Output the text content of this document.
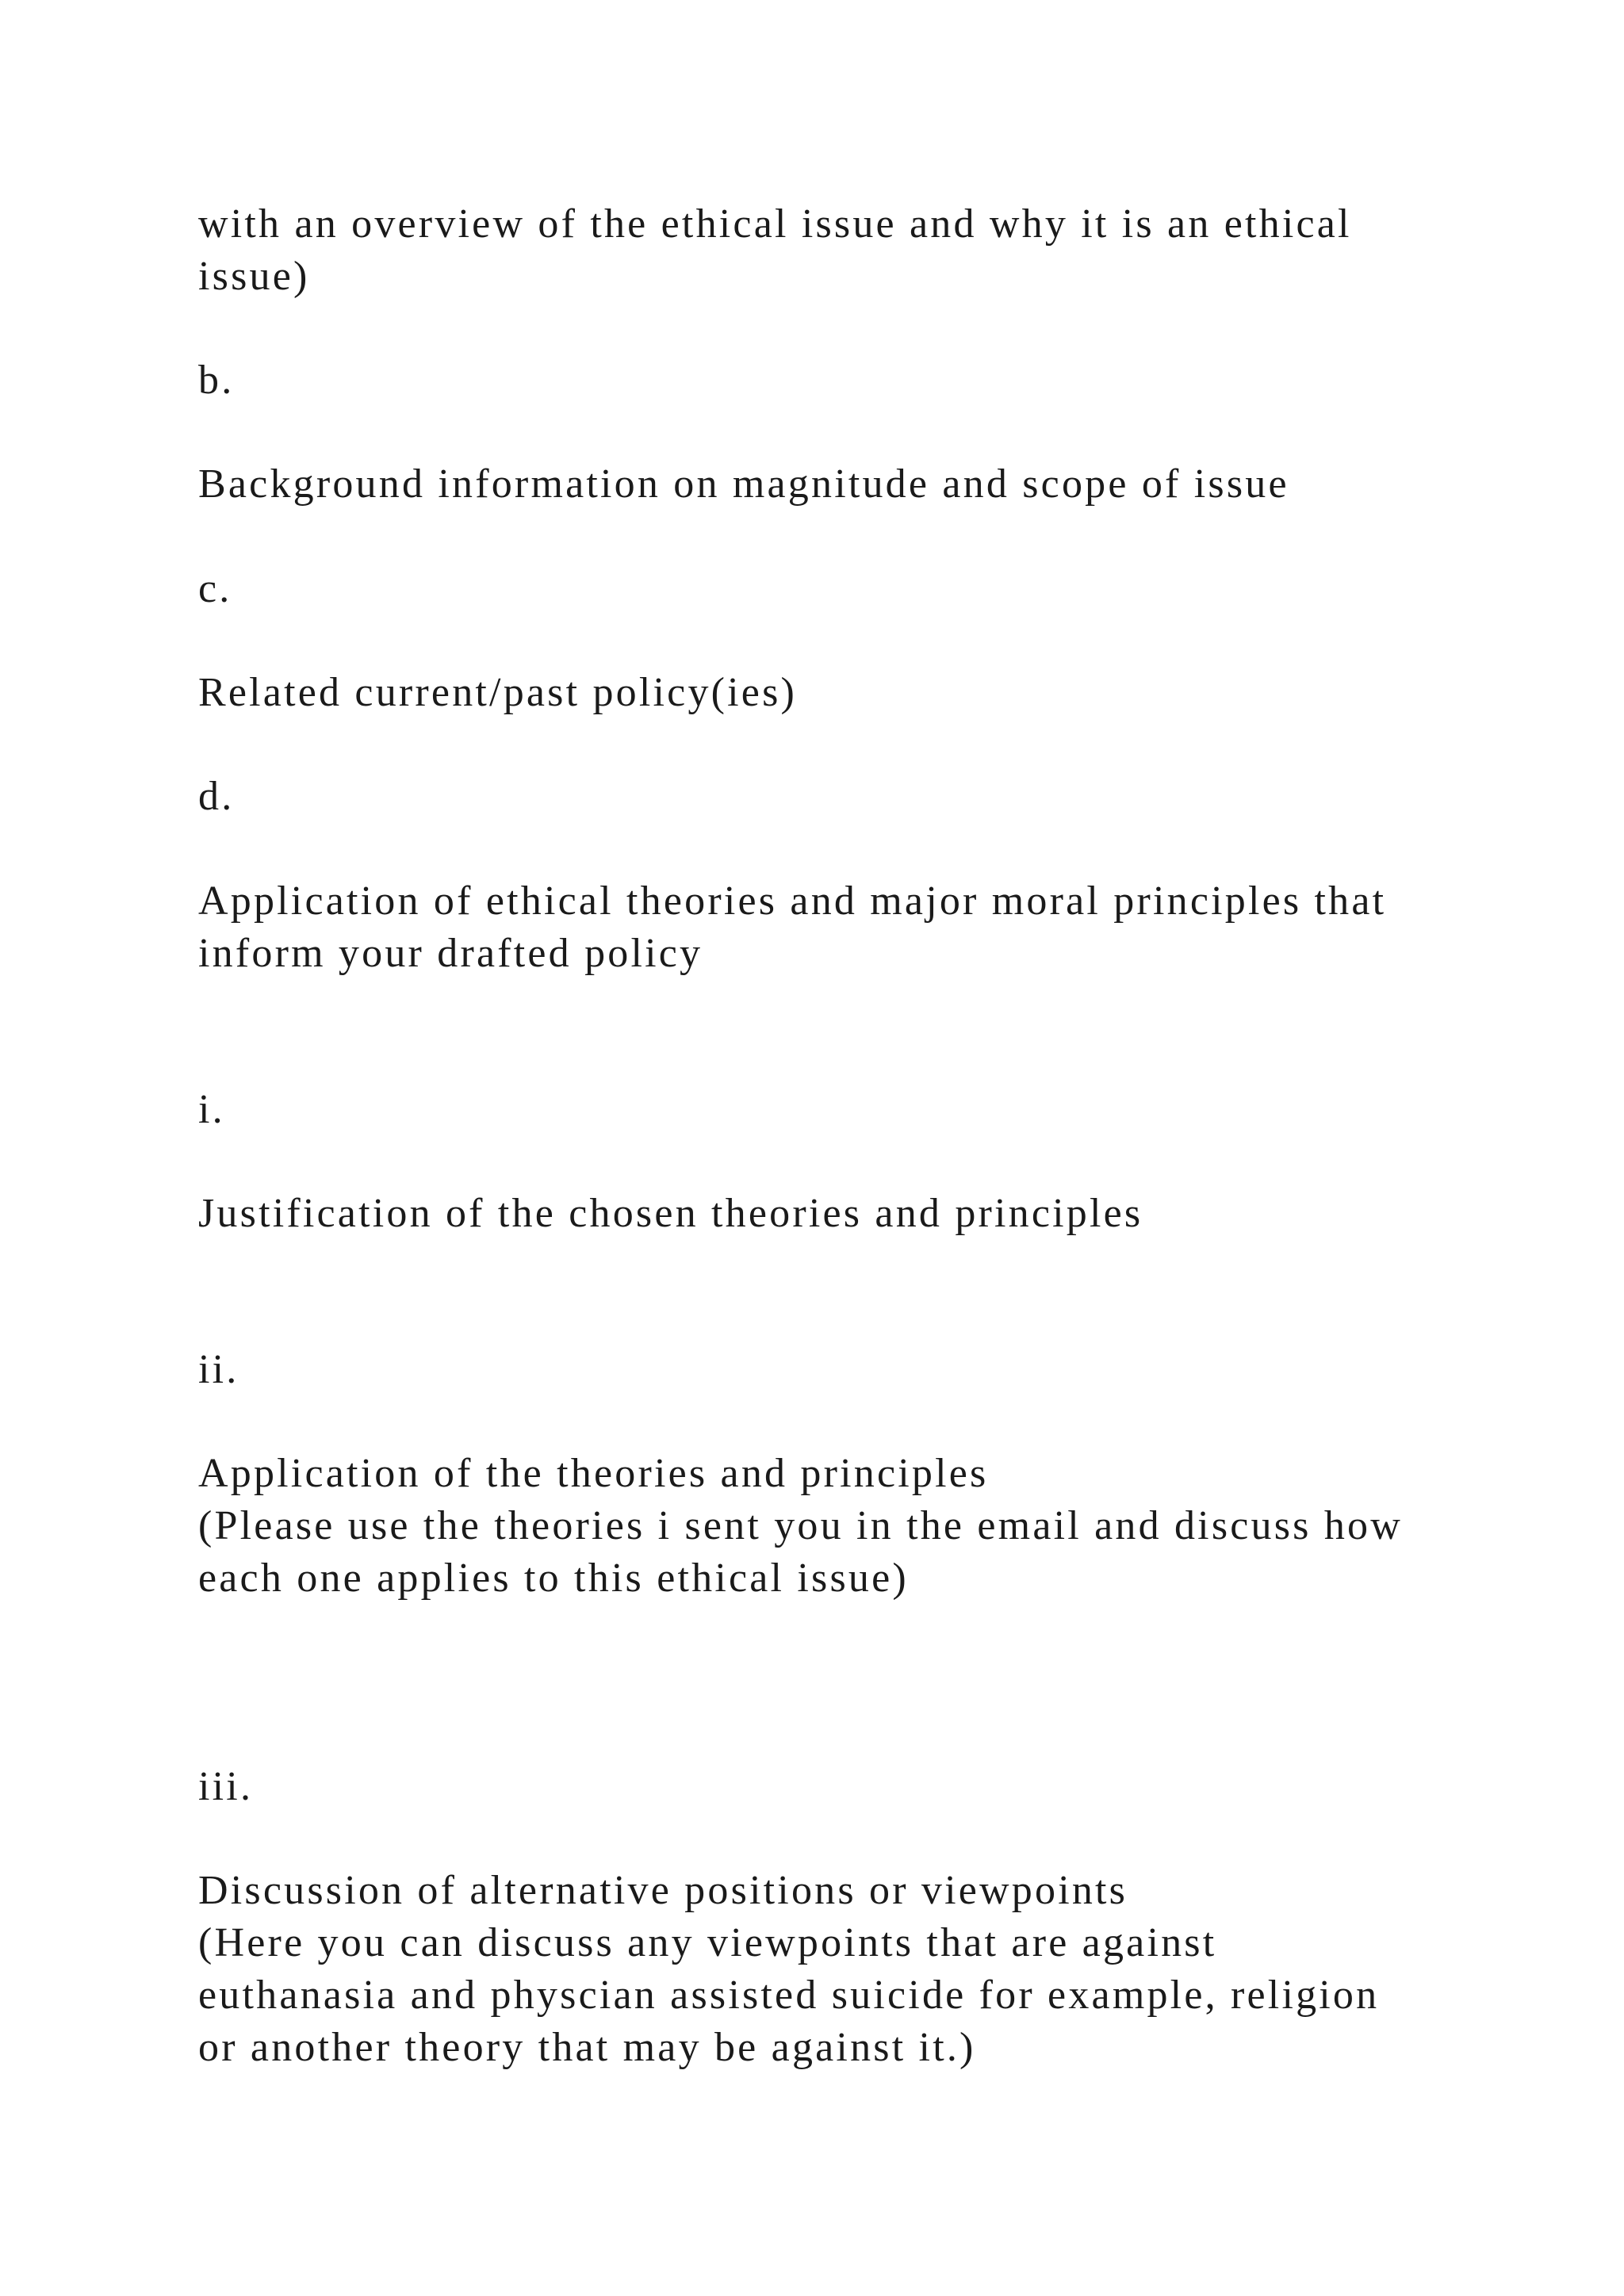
with an overview of the ethical issue and why it is an ethical

issue)

b.

Background information on magnitude and scope of issue

c.

Related current/past policy(ies)

d.

Application of ethical theories and major moral principles that

inform your drafted policy

i.

Justification of the chosen theories and principles

ii.

Application of the theories and principles

(Please use the theories i sent you in the email and discuss how

each one applies to this ethical issue)

iii.

Discussion of alternative positions or viewpoints

(Here you can discuss any viewpoints that are against

euthanasia and physcian assisted suicide for example, religion

or another theory that may be against it.)
